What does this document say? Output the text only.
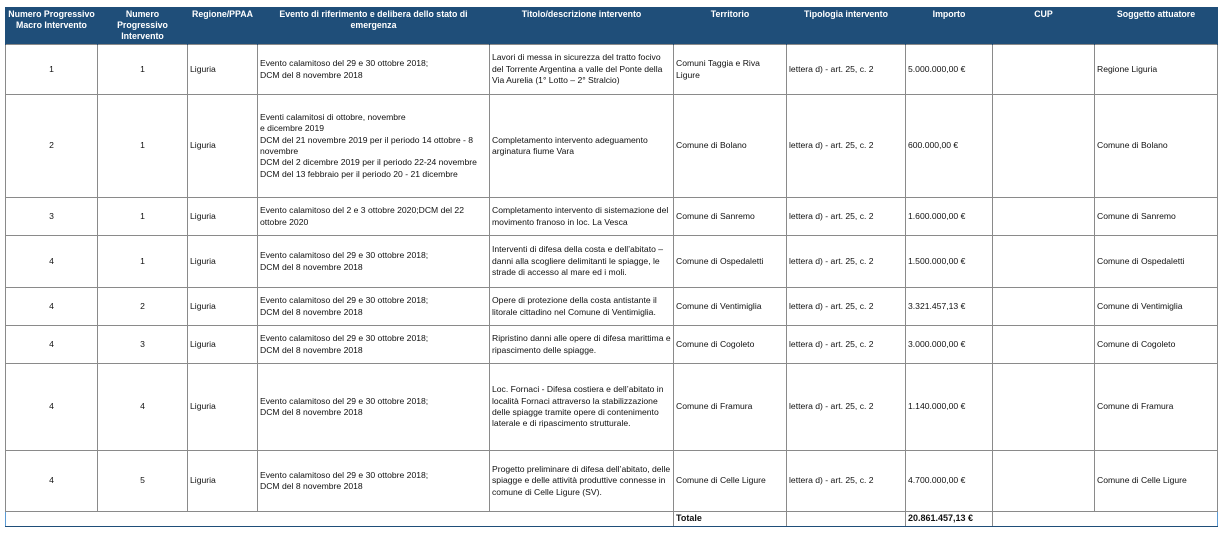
Numero Progressivo Macro Intervento	Numero Progressivo Intervento	Regione/PPAA	Evento di riferimento e delibera dello stato di emergenza	Titolo/descrizione intervento	Territorio	Tipologia intervento	Importo	CUP	Soggetto attuatore
1	1	Liguria	Evento calamitoso del 29 e 30 ottobre 2018;
DCM del 8 novembre 2018	Lavori di messa in sicurezza del tratto focivo del Torrente Argentina a valle del Ponte della Via Aurelia (1° Lotto – 2° Stralcio)	Comuni Taggia e Riva Ligure	lettera d) - art. 25, c. 2	5.000.000,00 €		Regione Liguria
2	1	Liguria	Eventi calamitosi di ottobre, novembre
e dicembre 2019
DCM del 21 novembre 2019 per il periodo 14 ottobre - 8 novembre
DCM del 2 dicembre 2019 per il periodo 22-24 novembre
DCM del 13 febbraio per il periodo 20 - 21 dicembre	Completamento intervento adeguamento arginatura fiume Vara	Comune di Bolano	lettera d) - art. 25, c. 2	600.000,00 €		Comune di Bolano
3	1	Liguria	Evento calamitoso del 2 e 3 ottobre 2020;DCM del 22 ottobre 2020	Completamento intervento di sistemazione del movimento franoso in loc. La Vesca	Comune di Sanremo	lettera d) - art. 25, c. 2	1.600.000,00 €		Comune di Sanremo
4	1	Liguria	Evento calamitoso del 29 e 30 ottobre 2018;
DCM del 8 novembre 2018	Interventi di difesa della costa e dell’abitato – danni alla scogliere delimitanti le spiagge, le strade di accesso al mare ed i moli.	Comune di Ospedaletti	lettera d) - art. 25, c. 2	1.500.000,00 €		Comune di Ospedaletti
4	2	Liguria	Evento calamitoso del 29 e 30 ottobre 2018;
DCM del 8 novembre 2018	Opere di protezione della costa antistante il litorale cittadino nel Comune di Ventimiglia.	Comune di Ventimiglia	lettera d) - art. 25, c. 2	3.321.457,13 €		Comune di Ventimiglia
4	3	Liguria	Evento calamitoso del 29 e 30 ottobre 2018;
DCM del 8 novembre 2018	Ripristino danni alle opere di difesa marittima e ripascimento delle spiagge.	Comune di Cogoleto	lettera d) - art. 25, c. 2	3.000.000,00 €		Comune di Cogoleto
4	4	Liguria	Evento calamitoso del 29 e 30 ottobre 2018;
DCM del 8 novembre 2018	Loc. Fornaci - Difesa costiera e dell’abitato in località Fornaci attraverso la stabilizzazione delle spiagge tramite opere di contenimento laterale e di ripascimento strutturale.	Comune di Framura	lettera d) - art. 25, c. 2	1.140.000,00 €		Comune di Framura
4	5	Liguria	Evento calamitoso del 29 e 30 ottobre 2018;
DCM del 8 novembre 2018	Progetto preliminare di difesa dell’abitato, delle spiagge e delle attività produttive connesse in comune di Celle Ligure (SV).	Comune di Celle Ligure	lettera d) - art. 25, c. 2	4.700.000,00 €		Comune di Celle Ligure
					Totale		20.861.457,13 €		
